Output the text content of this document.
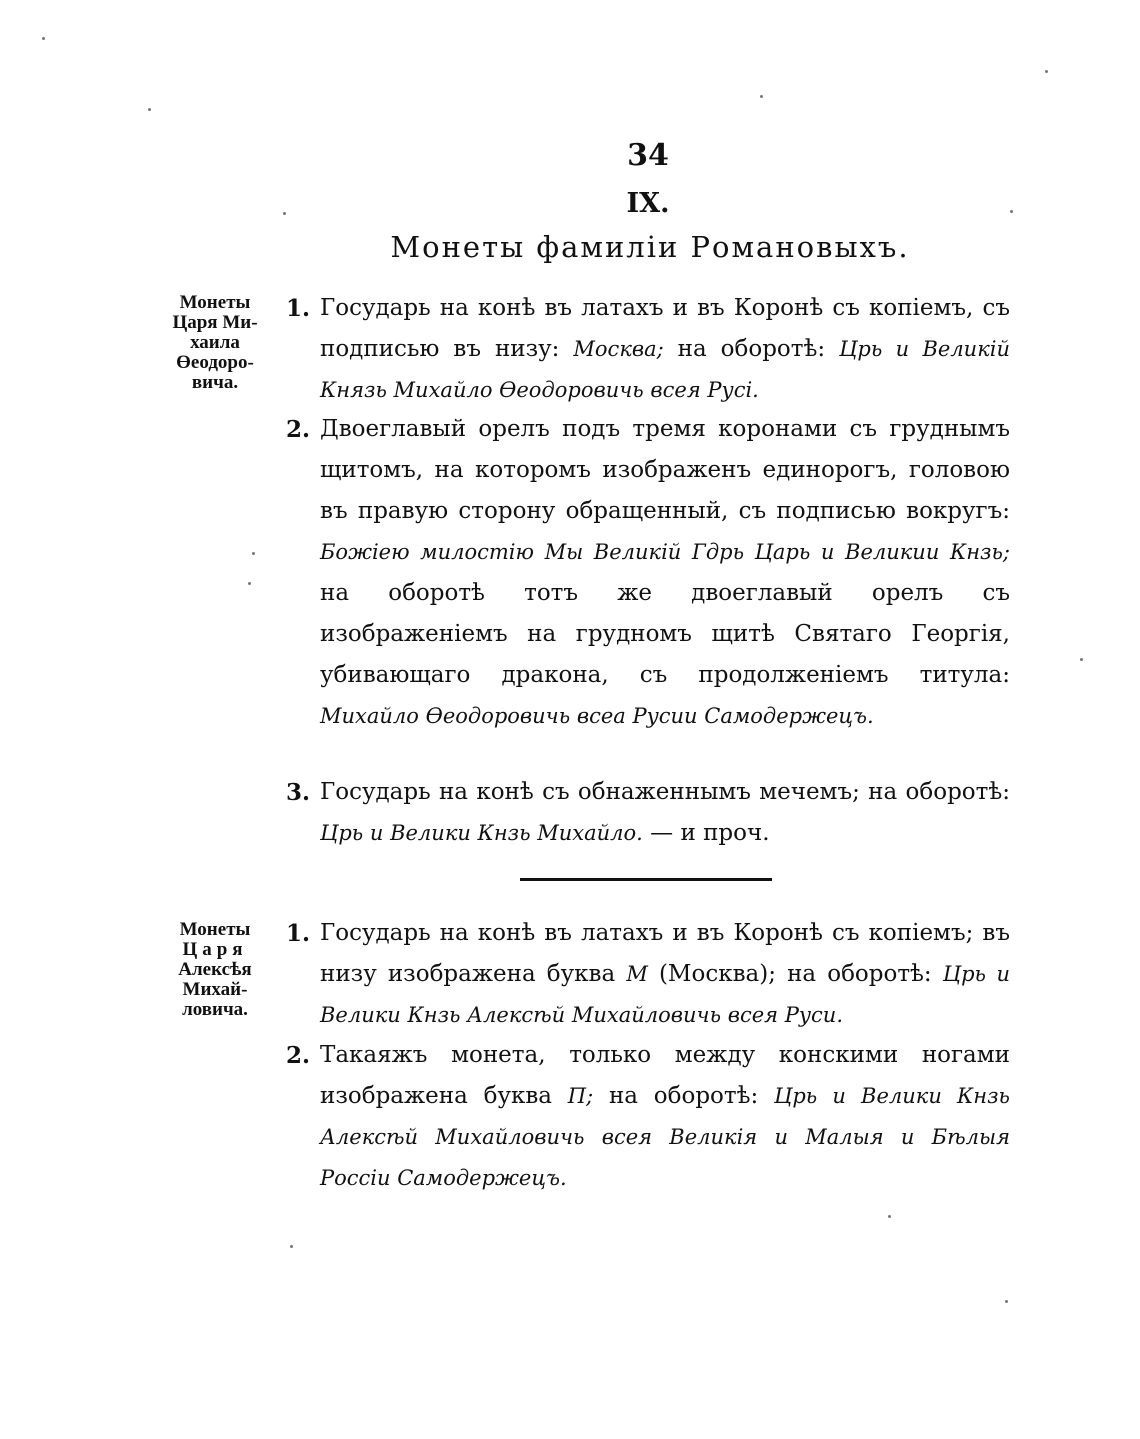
34
IX.
Монеты фамиліи Романовыхъ.
Монеты
Царя Ми-
хаила
Өеодоро-
вича.
1. Государь на конѣ въ латахъ и въ Коронѣ съ копіемъ, съ подписью въ низу: Москва; на оборотѣ: Црь и Великій Князь Михайло Өеодоровичь всея Русі.

2. Двоеглавый орелъ подъ тремя коронами съ груднымъ щитомъ, на которомъ изображенъ единорогъ, головою въ правую сторону обращенный, съ подписью вокругъ: Божіею милостію Мы Великій Гдрь Царь и Великии Кнзь; на оборотѣ тотъ же двоеглавый орелъ съ изображеніемъ на грудномъ щитѣ Святаго Георгія, убивающаго дракона, съ продолженіемъ титула: Михайло Өеодоровичь всеа Русии Самодержецъ.

3. Государь на конѣ съ обнаженнымъ мечемъ; на оборотѣ: Црь и Велики Кнзь Михайло. — и проч.

Монеты
Царя
Алексѣя
Михай-
ловича.
1. Государь на конѣ въ латахъ и въ Коронѣ съ копіемъ; въ низу изображена буква М (Москва); на оборотѣ: Црь и Велики Кнзь Алексѣй Михайловичь всея Руси.

2. Такаяжъ монета, только между конскими ногами изображена буква П; на оборотѣ: Црь и Велики Кнзь Алексѣй Михайловичь всея Великія и Малыя и Бѣлыя Россіи Самодержецъ.
